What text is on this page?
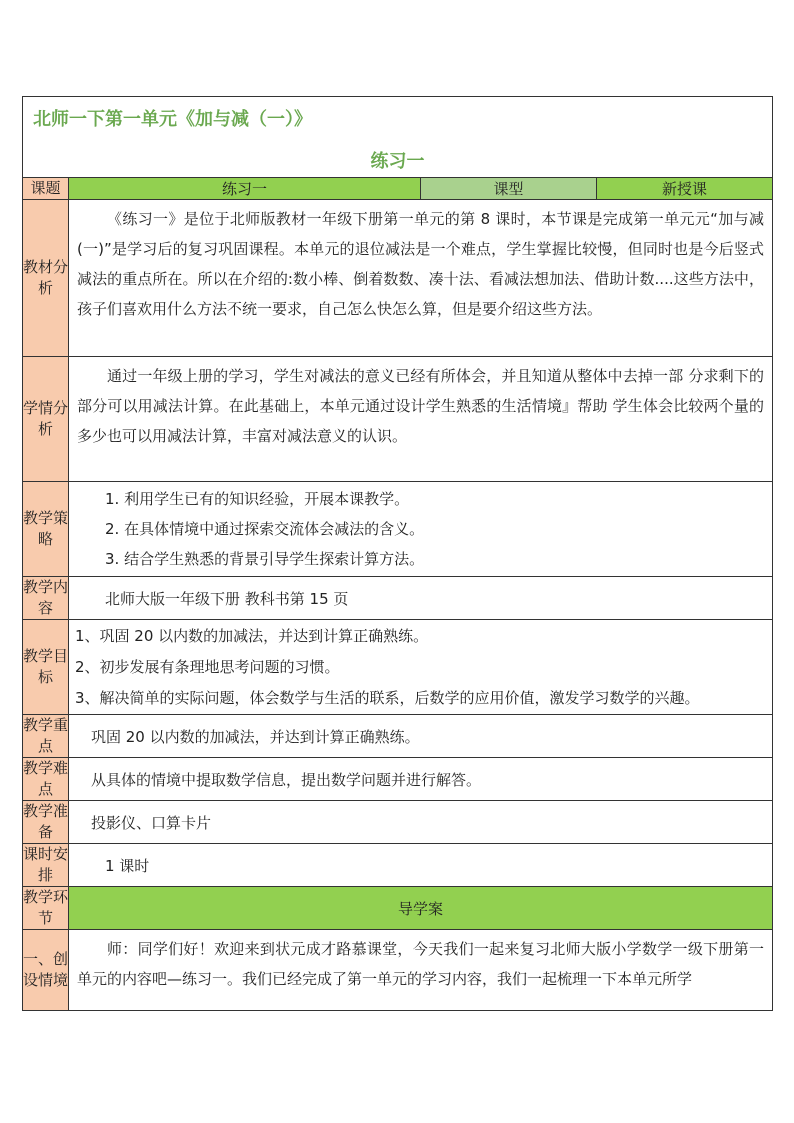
北师一下第一单元《加与减（一）》
练习一			

课题	练习一	课型	新授课
教材分析	《练习一》是位于北师版教材一年级下册第一单元的第 8 课时，本节课是完成第一单元元“加与减(一)”是学习后的复习巩固课程。本单元的退位减法是一个难点，学生掌握比较慢，但同时也是今后竖式减法的重点所在。所以在介绍的:数小棒、倒着数数、凑十法、看减法想加法、借助计数....这些方法中，孩子们喜欢用什么方法不统一要求，自己怎么快怎么算，但是要介绍这些方法。		
学情分析	通过一年级上册的学习，学生对减法的意义已经有所体会，并且知道从整体中去掉一部 分求剩下的部分可以用减法计算。在此基础上，本单元通过设计学生熟悉的生活情境』帮助 学生体会比较两个量的多少也可以用减法计算，丰富对减法意义的认识。		
教学策略	1. 利用学生已有的知识经验，开展本课教学。
2. 在具体情境中通过探索交流体会减法的含义。
3. 结合学生熟悉的背景引导学生探索计算方法。		

教学内容	北师大版一年级下册 教科书第 15 页		
教学目标	1、巩固 20 以内数的加减法，并达到计算正确熟练。
2、初步发展有条理地思考问题的习惯。
3、解决简单的实际问题，体会数学与生活的联系，后数学的应用价值，激发学习数学的兴趣。		

教学重点	巩固 20 以内数的加减法，并达到计算正确熟练。		
教学难点	从具体的情境中提取数学信息，提出数学问题并进行解答。		
教学准备	投影仪、口算卡片		
课时安排	1 课时		
教学环节	导学案		
一、创设情境	师：同学们好！欢迎来到状元成才路慕课堂，今天我们一起来复习北师大版小学数学一级下册第一单元的内容吧—练习一。我们已经完成了第一单元的学习内容，我们一起梳理一下本单元所学		
